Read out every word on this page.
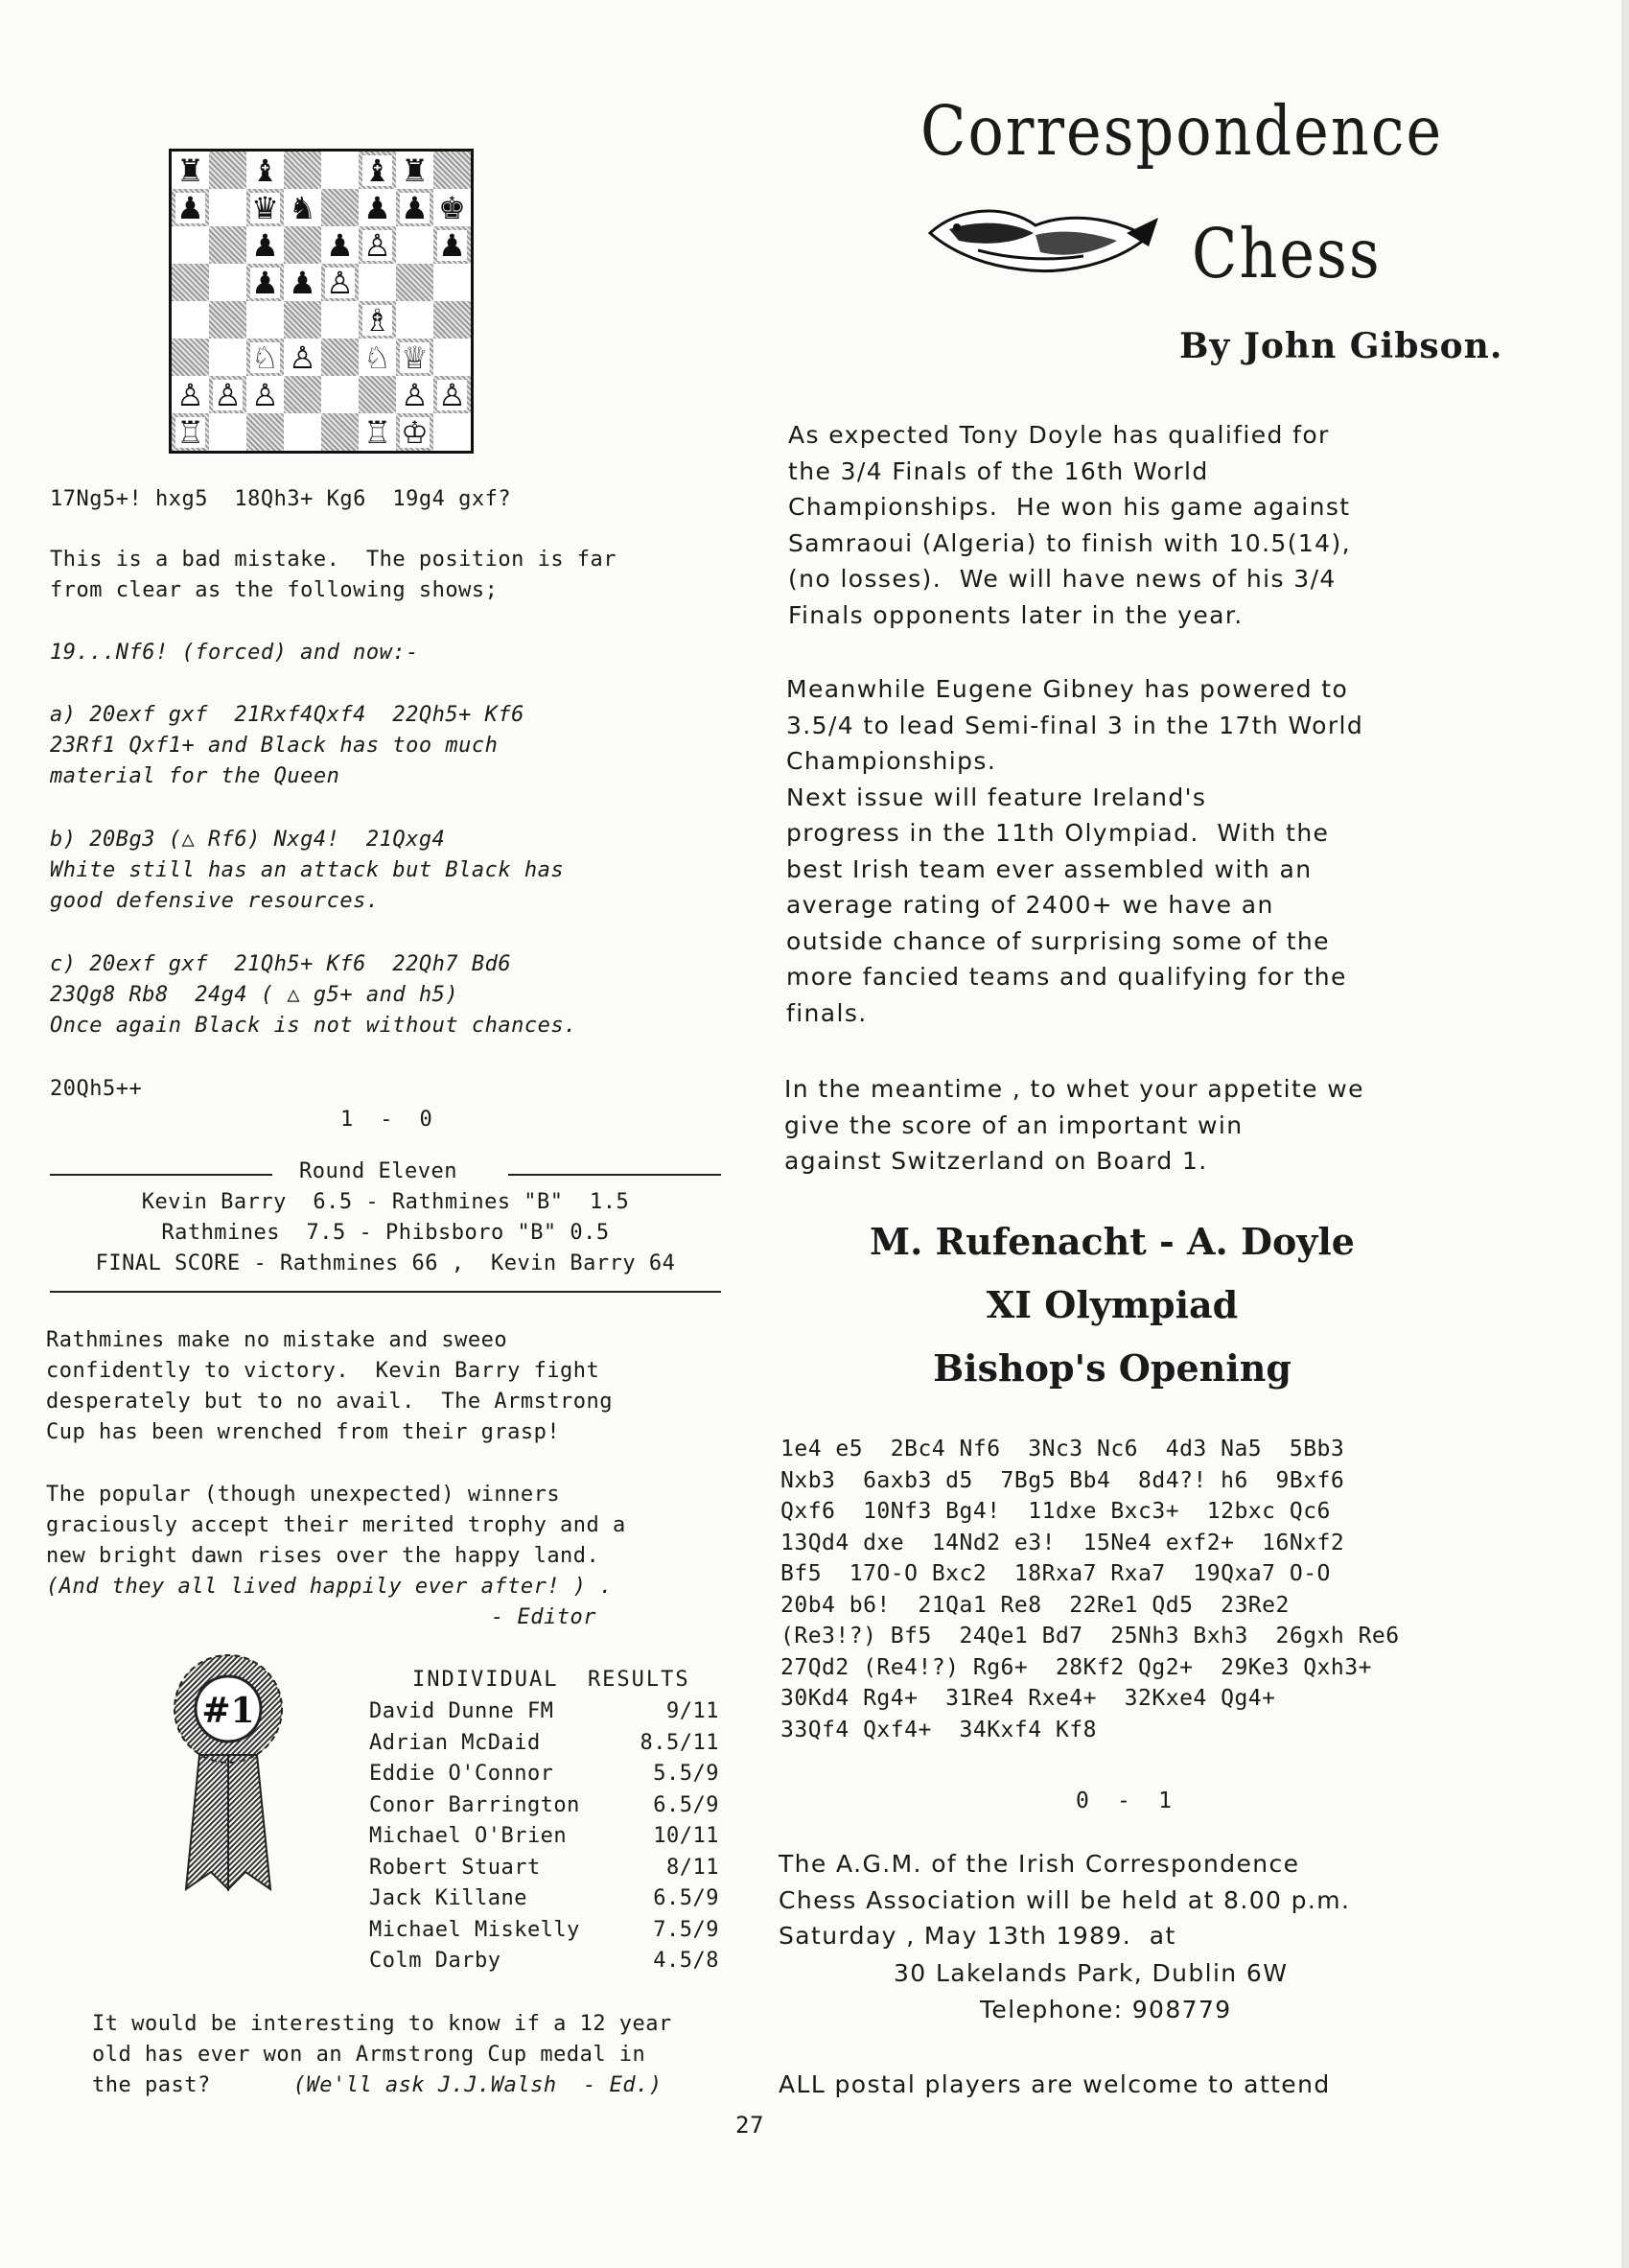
♜ ♝	♝ ♜
♟ ♛ ♞ ♟ ♟ ♚
♟ ♟ ♙ ♟
♟ ♟ ♙
♗
♘ ♙ ♘ ♕
♙ ♙ ♙	♙ ♙
♖	♖ ♔
17Ng5+! hxg5  18Qh3+ Kg6  19g4 gxf?
This is a bad mistake.  The position is far
from clear as the following shows;
19...Nf6! (forced) and now:-
a) 20exf gxf  21Rxf4Qxf4  22Qh5+ Kf6
23Rf1 Qxf1+ and Black has too much
material for the Queen
b) 20Bg3 (△ Rf6) Nxg4!  21Qxg4
White still has an attack but Black has
good defensive resources.
c) 20exf gxf  21Qh5+ Kf6  22Qh7 Bd6
23Qg8 Rb8  24g4 ( △ g5+ and h5)
Once again Black is not without chances.
20Qh5++
1  -  0
Round Eleven
Kevin Barry  6.5 - Rathmines "B"  1.5
Rathmines  7.5 - Phibsboro "B" 0.5
FINAL SCORE - Rathmines 66 ,  Kevin Barry 64
Rathmines make no mistake and sweeo
confidently to victory.  Kevin Barry fight
desperately but to no avail.  The Armstrong
Cup has been wrenched from their grasp!
The popular (though unexpected) winners
graciously accept their merited trophy and a
new bright dawn rises over the happy land.
(And they all lived happily ever after! ) .
- Editor
#1
INDIVIDUAL  RESULTS
David Dunne FM	9/11
Adrian McDaid	8.5/11
Eddie O'Connor	5.5/9
Conor Barrington	6.5/9
Michael O'Brien	10/11
Robert Stuart	8/11
Jack Killane	6.5/9
Michael Miskelly	7.5/9
Colm Darby	4.5/8
It would be interesting to know if a 12 year
old has ever won an Armstrong Cup medal in
the past?	(We'll ask J.J.Walsh  - Ed.)
Correspondence
Chess
By John Gibson.
As expected Tony Doyle has qualified for
the 3/4 Finals of the 16th World
Championships.  He won his game against
Samraoui (Algeria) to finish with 10.5(14),
(no losses).  We will have news of his 3/4
Finals opponents later in the year.
Meanwhile Eugene Gibney has powered to
3.5/4 to lead Semi-final 3 in the 17th World
Championships.
Next issue will feature Ireland's
progress in the 11th Olympiad.  With the
best Irish team ever assembled with an
average rating of 2400+ we have an
outside chance of surprising some of the
more fancied teams and qualifying for the
finals.
In the meantime , to whet your appetite we
give the score of an important win
against Switzerland on Board 1.
M. Rufenacht - A. Doyle
XI Olympiad
Bishop's Opening
1e4 e5  2Bc4 Nf6  3Nc3 Nc6  4d3 Na5  5Bb3
Nxb3  6axb3 d5  7Bg5 Bb4  8d4?! h6  9Bxf6
Qxf6  10Nf3 Bg4!  11dxe Bxc3+  12bxc Qc6
13Qd4 dxe  14Nd2 e3!  15Ne4 exf2+  16Nxf2
Bf5  17O-O Bxc2  18Rxa7 Rxa7  19Qxa7 O-O
20b4 b6!  21Qa1 Re8  22Re1 Qd5  23Re2
(Re3!?) Bf5  24Qe1 Bd7  25Nh3 Bxh3  26gxh Re6
27Qd2 (Re4!?) Rg6+  28Kf2 Qg2+  29Ke3 Qxh3+
30Kd4 Rg4+  31Re4 Rxe4+  32Kxe4 Qg4+
33Qf4 Qxf4+  34Kxf4 Kf8
0  -  1
The A.G.M. of the Irish Correspondence
Chess Association will be held at 8.00 p.m.
Saturday , May 13th 1989.  at
30 Lakelands Park, Dublin 6W
Telephone: 908779
ALL postal players are welcome to attend
27
